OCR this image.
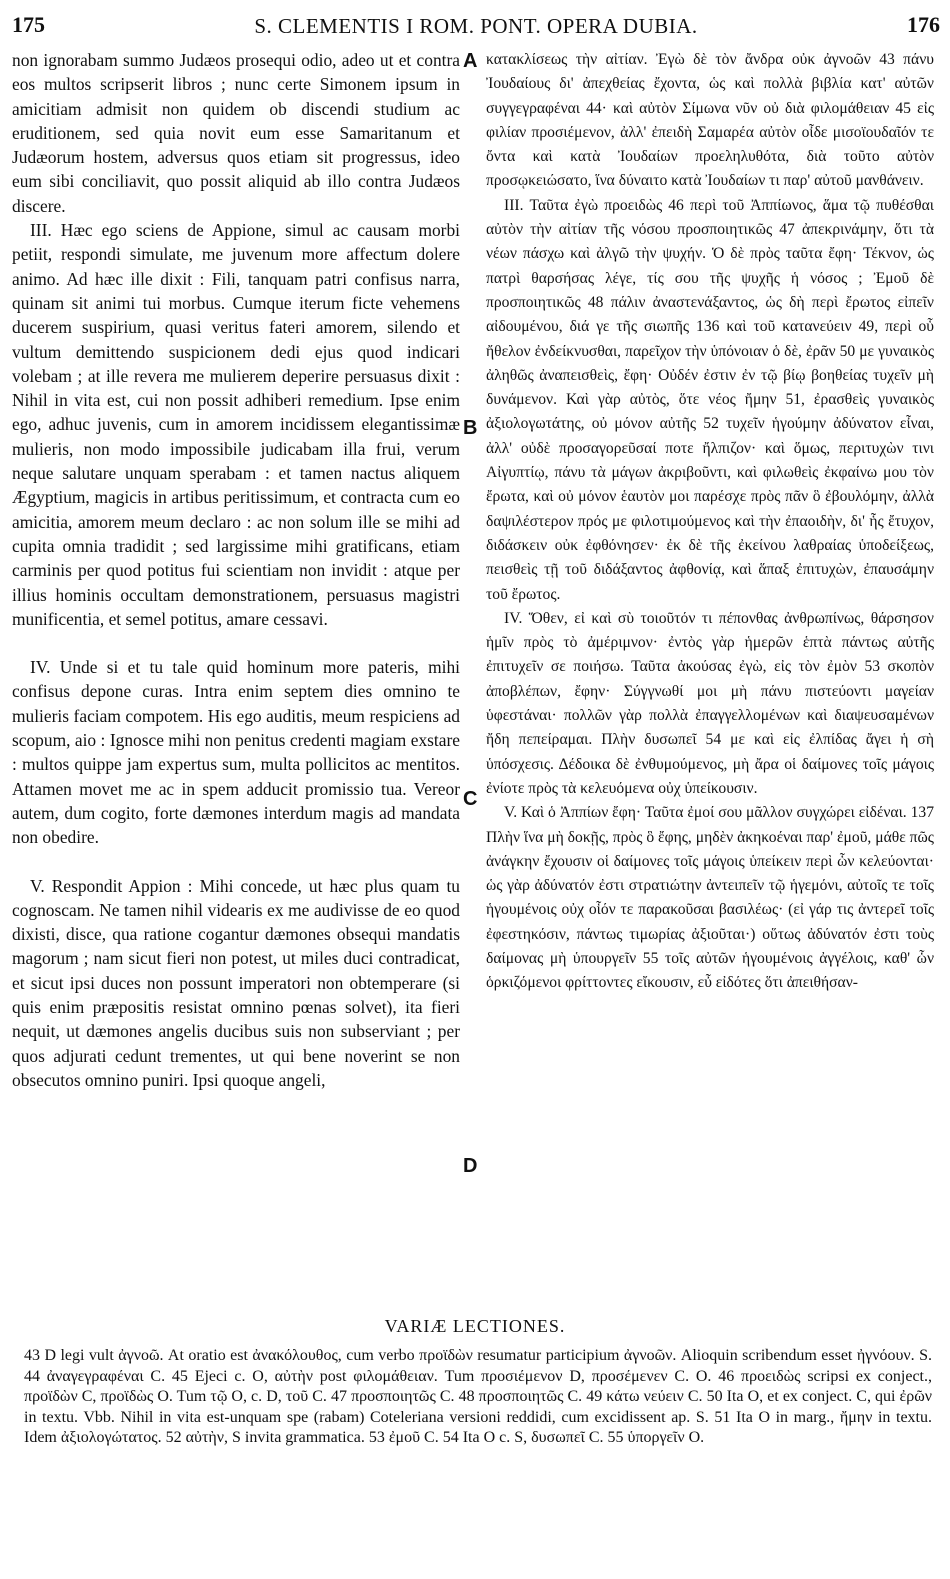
175	S. CLEMENTIS I ROM. PONT. OPERA DUBIA.	176

non ignorabam summo Judæos prosequi odio, adeo ut et contra eos multos scripserit libros ; nunc certe Simonem ipsum in amicitiam admisit non quidem ob discendi studium ac eruditionem, sed quia novit eum esse Samaritanum et Judæorum hostem, adversus quos etiam sit progressus, ideo eum sibi conciliavit, quo possit aliquid ab illo contra Judæos discere.

III. Hæc ego sciens de Appione, simul ac causam morbi petiit, respondi simulate, me juvenum more affectum dolere animo. Ad hæc ille dixit : Fili, tanquam patri confisus narra, quinam sit animi tui morbus. Cumque iterum ficte vehemens ducerem suspirium, quasi veritus fateri amorem, silendo et vultum demittendo suspicionem dedi ejus quod indicari volebam ; at ille revera me mulierem deperire persuasus dixit : Nihil in vita est, cui non possit adhiberi remedium. Ipse enim ego, adhuc juvenis, cum in amorem incidissem elegantissimæ mulieris, non modo impossibile judicabam illa frui, verum neque salutare unquam sperabam : et tamen nactus aliquem Ægyptium, magicis in artibus peritissimum, et contracta cum eo amicitia, amorem meum declaro : ac non solum ille se mihi ad cupita omnia tradidit ; sed largissime mihi gratificans, etiam carminis per quod potitus fui scientiam non invidit : atque per illius hominis occultam demonstrationem, persuasus magistri munificentia, et semel potitus, amare cessavi.

IV. Unde si et tu tale quid hominum more pateris, mihi confisus depone curas. Intra enim septem dies omnino te mulieris faciam compotem. His ego auditis, meum respiciens ad scopum, aio : Ignosce mihi non penitus credenti magiam exstare : multos quippe jam expertus sum, multa pollicitos ac mentitos. Attamen movet me ac in spem adducit promissio tua. Vereor autem, dum cogito, forte dæmones interdum magis ad mandata non obedire.

V. Respondit Appion : Mihi concede, ut hæc plus quam tu cognoscam. Ne tamen nihil videaris ex me audivisse de eo quod dixisti, disce, qua ratione cogantur dæmones obsequi mandatis magorum ; nam sicut fieri non potest, ut miles duci contradicat, et sicut ipsi duces non possunt imperatori non obtemperare (si quis enim præpositis resistat omnino pœnas solvet), ita fieri nequit, ut dæmones angelis ducibus suis non subserviant ; per quos adjurati cedunt trementes, ut qui bene noverint se non obsecutos omnino puniri. Ipsi quoque angeli,

A
B
C
D

κατακλίσεως τὴν αἰτίαν. Ἐγὼ δὲ τὸν ἄνδρα οὐκ ἀγνοῶν 43 πάνυ Ἰουδαίους δι' ἀπεχθείας ἔχοντα, ὡς καὶ πολλὰ βιβλία κατ' αὐτῶν συγγεγραφέναι 44· καὶ αὐτὸν Σίμωνα νῦν οὐ διὰ φιλομάθειαν 45 εἰς φιλίαν προσιέμενον, ἀλλ' ἐπειδὴ Σαμαρέα αὐτὸν οἶδε μισοϊουδαῖόν τε ὄντα καὶ κατὰ Ἰουδαίων προεληλυθότα, διὰ τοῦτο αὐτὸν προσῳκειώσατο, ἵνα δύναιτο κατὰ Ἰουδαίων τι παρ' αὐτοῦ μανθάνειν.

III. Ταῦτα ἐγὼ προειδὼς 46 περὶ τοῦ Ἀππίωνος, ἅμα τῷ πυθέσθαι αὐτὸν τὴν αἰτίαν τῆς νόσου προσποιητικῶς 47 ἀπεκρινάμην, ὅτι τὰ νέων πάσχω καὶ ἀλγῶ τὴν ψυχήν. Ὁ δὲ πρὸς ταῦτα ἔφη· Τέκνον, ὡς πατρὶ θαρσήσας λέγε, τίς σου τῆς ψυχῆς ἡ νόσος ; Ἐμοῦ δὲ προσποιητικῶς 48 πάλιν ἀναστενάξαντος, ὡς δὴ περὶ ἔρωτος εἰπεῖν αἰδουμένου, διά γε τῆς σιωπῆς 136 καὶ τοῦ κατανεύειν 49, περὶ οὗ ἤθελον ἐνδείκνυσθαι, παρεῖχον τὴν ὑπόνοιαν ὁ δὲ, ἐρᾶν 50 με γυναικὸς ἀληθῶς ἀναπεισθεὶς, ἔφη· Οὐδέν ἐστιν ἐν τῷ βίῳ βοηθείας τυχεῖν μὴ δυνάμενον. Καὶ γὰρ αὐτὸς, ὅτε νέος ἤμην 51, ἐρασθεὶς γυναικὸς ἀξιολογωτάτης, οὐ μόνον αὐτῆς 52 τυχεῖν ἡγούμην ἀδύνατον εἶναι, ἀλλ' οὐδὲ προσαγορεῦσαί ποτε ἤλπιζον· καὶ ὅμως, περιτυχὼν τινι Αἰγυπτίῳ, πάνυ τὰ μάγων ἀκριβοῦντι, καὶ φιλωθεὶς ἐκφαίνω μου τὸν ἔρωτα, καὶ οὐ μόνον ἑαυτὸν μοι παρέσχε πρὸς πᾶν ὃ ἐβουλόμην, ἀλλὰ δαψιλέστερον πρός με φιλοτιμούμενος καὶ τὴν ἐπαοιδὴν, δι' ἧς ἔτυχον, διδάσκειν οὐκ ἐφθόνησεν· ἐκ δὲ τῆς ἐκείνου λαθραίας ὑποδείξεως, πεισθεὶς τῇ τοῦ διδάξαντος ἀφθονίᾳ, καὶ ἅπαξ ἐπιτυχὼν, ἐπαυσάμην τοῦ ἔρωτος.

IV. Ὅθεν, εἰ καὶ σὺ τοιοῦτόν τι πέπονθας ἀνθρωπίνως, θάρσησον ἡμῖν πρὸς τὸ ἀμέριμνον· ἐντὸς γὰρ ἡμερῶν ἑπτὰ πάντως αὐτῆς ἐπιτυχεῖν σε ποιήσω. Ταῦτα ἀκούσας ἐγὼ, εἰς τὸν ἐμὸν 53 σκοπὸν ἀποβλέπων, ἔφην· Σύγγνωθί μοι μὴ πάνυ πιστεύοντι μαγείαν ὑφεστάναι· πολλῶν γὰρ πολλὰ ἐπαγγελλομένων καὶ διαψευσαμένων ἤδη πεπείραμαι. Πλὴν δυσωπεῖ 54 με καὶ εἰς ἐλπίδας ἄγει ἡ σὴ ὑπόσχεσις. Δέδοικα δὲ ἐνθυμούμενος, μὴ ἄρα οἱ δαίμονες τοῖς μάγοις ἐνίοτε πρὸς τὰ κελευόμενα οὐχ ὑπείκουσιν.

V. Καὶ ὁ Ἀππίων ἔφη· Ταῦτα ἐμοί σου μᾶλλον συγχώρει εἰδέναι. 137 Πλὴν ἵνα μὴ δοκῇς, πρὸς ὃ ἔφης, μηδὲν ἀκηκοέναι παρ' ἐμοῦ, μάθε πῶς ἀνάγκην ἔχουσιν οἱ δαίμονες τοῖς μάγοις ὑπείκειν περὶ ὧν κελεύονται· ὡς γὰρ ἀδύνατόν ἐστι στρατιώτην ἀντειπεῖν τῷ ἡγεμόνι, αὐτοῖς τε τοῖς ἡγουμένοις οὐχ οἷόν τε παρακοῦσαι βασιλέως· (εἰ γάρ τις ἀντερεῖ τοῖς ἐφεστηκόσιν, πάντως τιμωρίας ἀξιοῦται·) οὕτως ἀδύνατόν ἐστι τοὺς δαίμονας μὴ ὑπουργεῖν 55 τοῖς αὐτῶν ἡγουμένοις ἀγγέλοις, καθ' ὧν ὁρκιζόμενοι φρίττοντες εἴκουσιν, εὖ εἰδότες ὅτι ἀπειθήσαν-

VARIÆ LECTIONES.
43 D legi vult ἀγνοῶ. At oratio est ἀνακόλουθος, cum verbo προϊδὼν resumatur participium ἀγνοῶν. Alioquin scribendum esset ἠγνόουν. S. 44 ἀναγεγραφέναι C. 45 Ejeci c. O, αὐτὴν post φιλομάθειαν. Tum προσιέμενον D, προσέμενεν C. O. 46 προειδὼς scripsi ex conject., προϊδὼν C, προϊδὼς O. Tum τῷ O, c. D, τοῦ C. 47 προσποιητῶς C. 48 προσποιητῶς C. 49 κάτω νεύειν C. 50 Ita O, et ex conject. C, qui ἐρῶν in textu. Vbb. Nihil in vita est-unquam spe (rabam) Coteleriana versioni reddidi, cum excidissent ap. S. 51 Ita O in marg., ἤμην in textu. Idem ἀξιολογώτατος. 52 αὐτὴν, S invita grammatica. 53 ἐμοῦ C. 54 Ita O c. S, δυσωπεῖ C. 55 ὑποργεῖν O.
